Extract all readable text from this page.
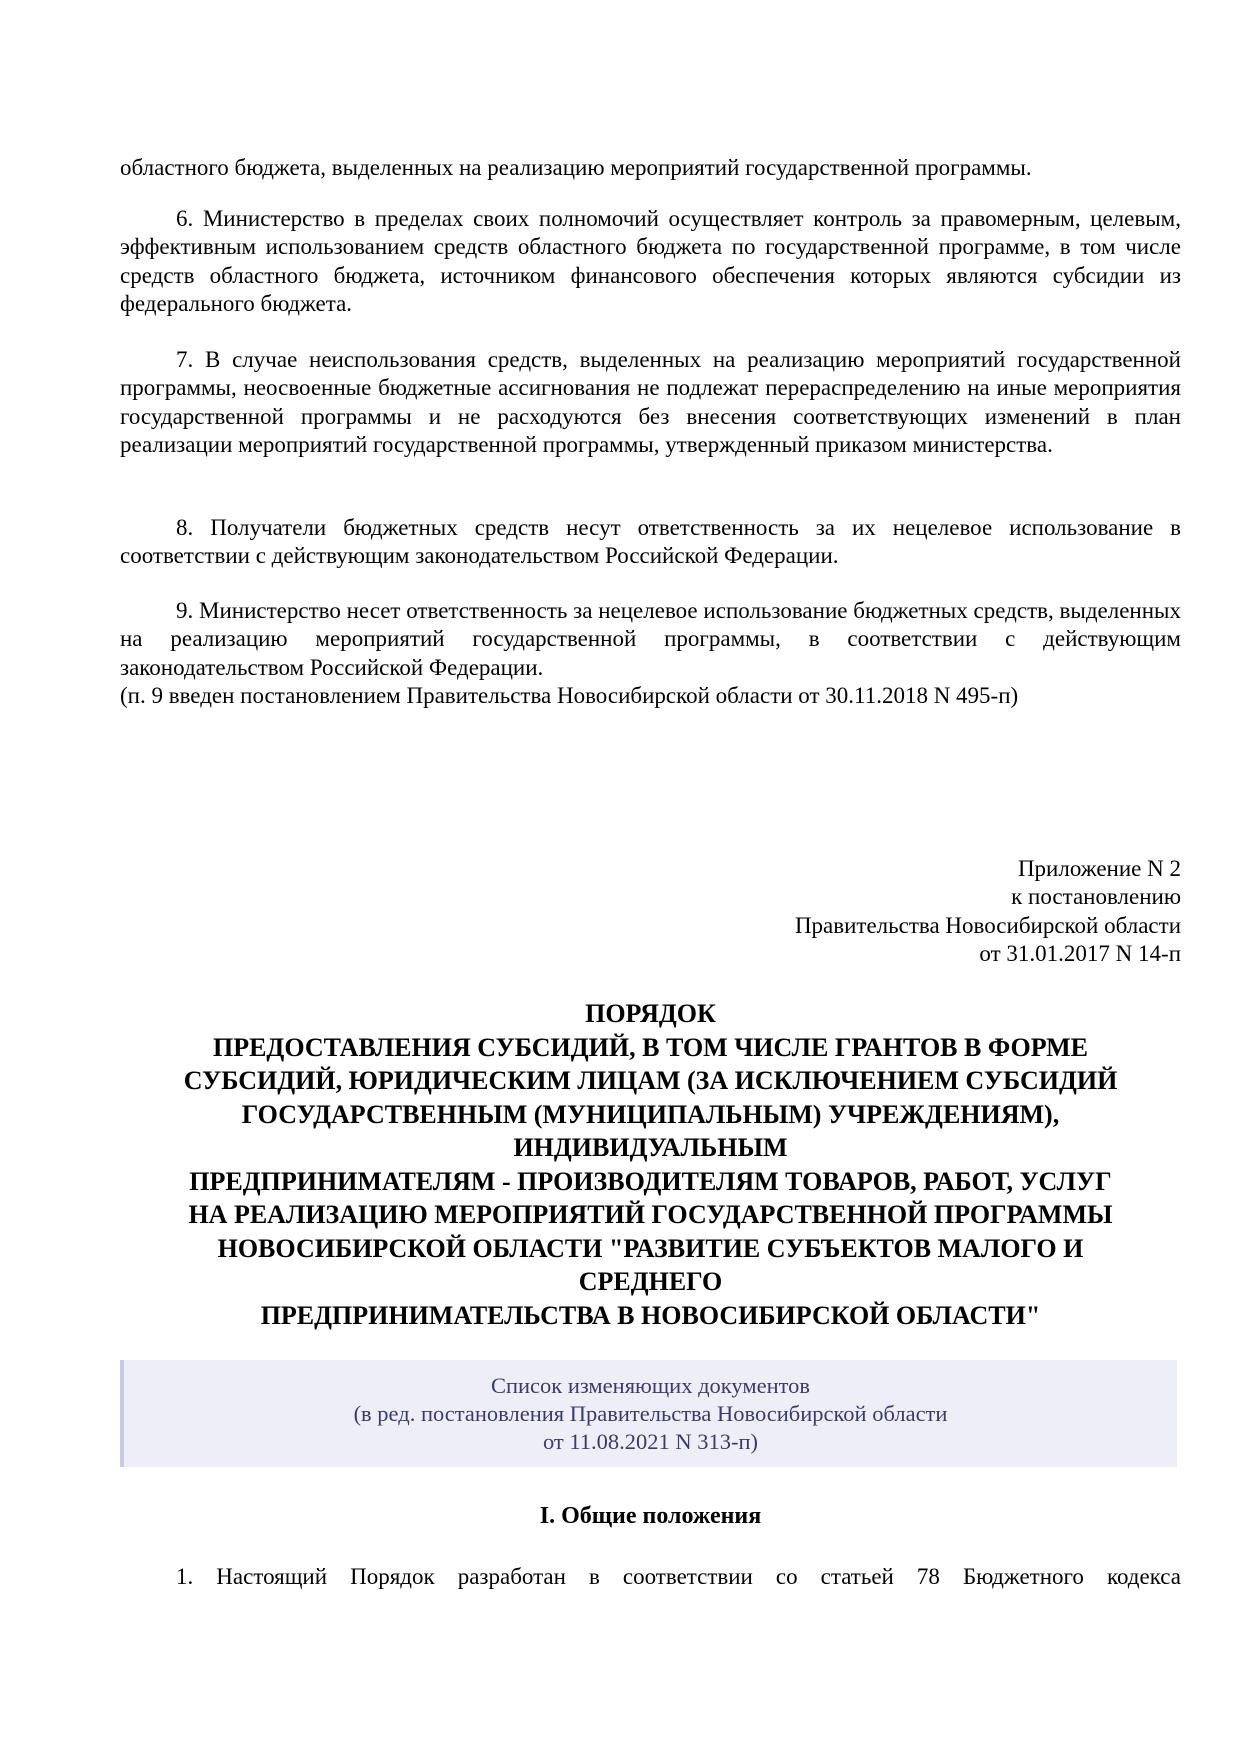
областного бюджета, выделенных на реализацию мероприятий государственной программы.

6. Министерство в пределах своих полномочий осуществляет контроль за правомерным, целевым, эффективным использованием средств областного бюджета по государственной программе, в том числе средств областного бюджета, источником финансового обеспечения которых являются субсидии из федерального бюджета.

7. В случае неиспользования средств, выделенных на реализацию мероприятий государственной программы, неосвоенные бюджетные ассигнования не подлежат перераспределению на иные мероприятия государственной программы и не расходуются без внесения соответствующих изменений в план реализации мероприятий государственной программы, утвержденный приказом министерства.

8. Получатели бюджетных средств несут ответственность за их нецелевое использование в соответствии с действующим законодательством Российской Федерации.

9. Министерство несет ответственность за нецелевое использование бюджетных средств, выделенных на реализацию мероприятий государственной программы, в соответствии с действующим законодательством Российской Федерации.

(п. 9 введен постановлением Правительства Новосибирской области от 30.11.2018 N 495-п)

Приложение N 2
к постановлению
Правительства Новосибирской области
от 31.01.2017 N 14-п
ПОРЯДОК
ПРЕДОСТАВЛЕНИЯ СУБСИДИЙ, В ТОМ ЧИСЛЕ ГРАНТОВ В ФОРМЕ
СУБСИДИЙ, ЮРИДИЧЕСКИМ ЛИЦАМ (ЗА ИСКЛЮЧЕНИЕМ СУБСИДИЙ
ГОСУДАРСТВЕННЫМ (МУНИЦИПАЛЬНЫМ) УЧРЕЖДЕНИЯМ),
ИНДИВИДУАЛЬНЫМ
ПРЕДПРИНИМАТЕЛЯМ - ПРОИЗВОДИТЕЛЯМ ТОВАРОВ, РАБОТ, УСЛУГ
НА РЕАЛИЗАЦИЮ МЕРОПРИЯТИЙ ГОСУДАРСТВЕННОЙ ПРОГРАММЫ
НОВОСИБИРСКОЙ ОБЛАСТИ "РАЗВИТИЕ СУБЪЕКТОВ МАЛОГО И
СРЕДНЕГО
ПРЕДПРИНИМАТЕЛЬСТВА В НОВОСИБИРСКОЙ ОБЛАСТИ"
Список изменяющих документов
(в ред. постановления Правительства Новосибирской области
от 11.08.2021 N 313-п)
I. Общие положения

1. Настоящий Порядок разработан в соответствии со статьей 78 Бюджетного кодекса
